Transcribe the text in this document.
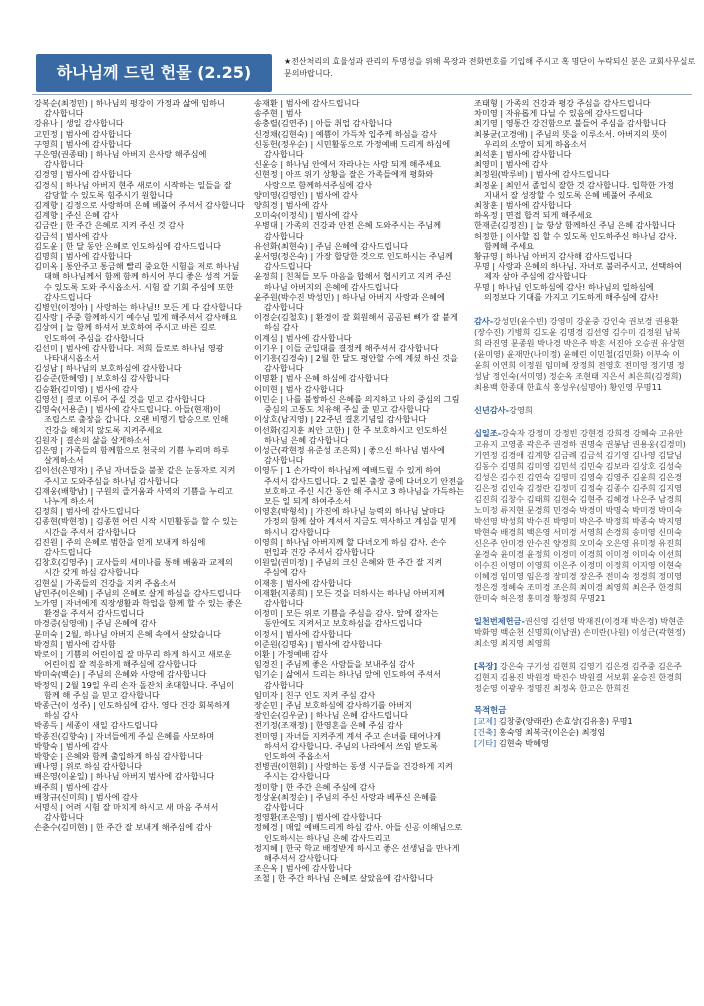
하나님께 드린 헌물 (2.25)
★전산처리의 효율성과 관리의 투명성을 위해 목장과 전화번호를 기입해 주시고 혹 명단이 누락되신 분은 교회사무실로 문의바랍니다.
강복순(최정민) | 하나님의 평강이 가정과 삶에 임하니 감사합니다
강유나 | 생일 감사합니다
고민정 | 범사에 감사합니다
구영희 | 범사에 감사합니다
구은영(권종태) | 하나님 아버지 은사랑 해주심에 감사합니다
김경영 | 범사에 감사합니다
김경식 | 하나님 아버지 현주 새로이 시작하는 일들을 잘 감당할 수 있도록 힘주시기 원합니다
김계향 | 김정으로 사랑하며 은혜 베풀어 주셔서 감사합니다
김계향 | 주신 은혜 감사
김금란 | 한 주간 은혜로 지켜 주신 것 감사
김금석 | 범사에 감사
김도윤 | 한 달 동안 은혜로 인도하심에 감사드립니다
김명희 | 범사에 감사합니다
김미옥 | 통안주고 통금해 빨리 중요한 시험을 저로 하나님 대해 하나님께서 함께 함께 하시어 부디 좋은 성적 거둘 수 있도록 도와 주시옵소서. 시험 잘 기회 주심에 또한 감사드립니다
김병인(이정아) | 사랑하는 하나님!! 모든 게 다 감사합니다
김사랑 | 주중 함께하시기 예수님 밀게 해주셔서 감사해요
김상여 | 늘 함께 하셔서 보호하여 주시고 바른 길로 인도하여 주심을 감사합니다
김선미 | 범사에 감사합니다. 저희 들로로 하나님 영광 나타내시옵소서
김성남 | 하나님의 보호하심에 감사합니다
김승준(한혜영) | 보호하심 감사합니다
김승환(김미영) | 범사에 감사
김영선 | 결코 이루어 주실 것을 믿고 감사합니다
김영숙(서용준) | 범사에 감사드립니다. 아들(현재)이 조립스로 출장을 갑니다. 오랜 비행기 탑승으로 인해 건강을 해치지 않도록 지켜주세요
김원자 | 결손의 삶을 살게하소서
김은영 | 가족들의 함께함으로 천국의 기쁨 누리며 하루 살게하소서
김이선(은명자) | 주님 자녀들을 불꽃 같은 눈동자로 지켜 주시고 도와주심을 하나님 감사합니다
김재웅(배향남) | 구원의 즐거움과 사역의 기쁨을 누리고 나누게 하소서
김정희 | 범사에 감사드립니다
김종현(박현정) | 김종현 어린 시작 시민활동을 할 수 있는 시간을 주셔서 감사합니다
김진원 | 주의 은혜로 범한을 얻게 보내게 하심에 감사드립니다
김창호(김영주) | 교사들의 세미나를 통해 배움과 교제의 시간 갖게 하심 감사합니다
김현실 | 가족들의 건강을 지켜 주옵소서
남민주(이은혜) | 주님의 은혜로 살게 하심을 감사드립니다
노가영 | 자녀에게 직장생활과 학업을 함께 할 수 있는 좋은 환경을 주셔서 감사드립니다
마경증(심영애) | 주님 은혜에 감사
문미숙 | 2월, 하나님 아버지 은혜 속에서 살았습니다
박경희 | 범사에 감사함
박로이 | 기쁨의 어린이집 잘 마무리 하게 하시고 새로운 어린이집 잘 적응하게 해주심에 감사합니다
박미숙(백순) | 주님의 은혜와 사랑에 감사합니다
박정익 | 2월 19일 우리 손자 돌잔치 초대합니다. 주님이 함께 해 주심 을 믿고 감사합니다
박종근(이 성주) | 인도하심에 감사. 영다 건강 회복하게 하심 감사
박종득 | 세종이 새일 감사드립니다
박종진(김향숙) | 자녀들에게 주실 은혜를 사모하며
박향숙 | 범사에 감사
박향순 | 은혜와 함께 출입하게 하심 감사합니다
배나영 | 위로 하심 감사합니다
배은영(이윤일) | 하나님 아버지 범사에 감사합니다
배주희 | 범사에 감사
배창규(신미희) | 범사에 감사
서명식 | 어려 시험 잘 마치게 하시고 새 마음 주셔서 감사합니다
손춘수(김미현) | 한 주간 잘 보내게 해주심에 감사
송재환 | 범사에 감사드립니다
송주현 | 범사
송충렬(김연주) | 아들 취업 감사합니다
신경채(김현숙) | 예쁨이 가득차 입주케 하심을 감사
신동헌(정우순) | 시민활동으로 가정예배 드리게 하심에 감사합니다
신윤승 | 하나님 안에서 자라나는 사람 되게 해주세요
신현정 | 아프 위기 상황을 잘은 가족들에게 평화와 사랑으로 함께하셔주심에 감사
양미영(김영인) | 범사에 감사
양희경 | 범사에 감사
오미숙(이정식) | 범사에 감사
우병대 | 가족의 건강과 안전 은혜 도와주시는 주님께 감사합니다
유선화(최현숙) | 주님 은혜에 감사드립니다
윤서영(정은숙) | 가장 합당한 것으로 인도하시는 주님께 감사드립니다
윤정희 | 친척들 모두 마음을 합해서 협시키고 지켜 주신 하나님 아버지의 은혜에 감사드립니다
윤주원(박수진 박성민) | 하나님 아버지 사랑과 은혜에 감사합니다
이경순(김철호) | 환경이 잘 회원해서 곰곰된 뼈가 잘 붙게 하심 감사
이계심 | 범사에 감사합니다
이기우 | 이들 군입대를 결정케 해주셔서 감사합니다
이기흥(김경숙) | 2월 한 달도 평안할 수에 계셨 하신 것을 감사합니다
이명환 | 범사 은혜 하심에 감사합니다
이미현 | 범사 감사합니다
이민순 | 나를 불쌍하신 은혜를 의지하고 나의 중심의 그림 중심의 고통도 치유해 주실 줄 믿고 감사합니다
이상호(남지영) | 22주년 결혼기념일 감사합니다
이선화(김지훈 최안 고한) | 한 주 보호하시고 인도하신 하나님 은혜 감사합니다
이성근(곽현정 유준성 조은희) | 좋으신 하나님 범사에 감사합니다
이영두 | 1 손가락이 하나님께 예배드릴 수 있게 하여 주셔서 감사드립니다. 2 일본 출장 중에 다녀오기 안전을 보호하고 주신 시간 동안 해 주시고 3 하나님을 가득하는 모든 일 되게 하여주소서
이영혼(박형석) | 가진에 하나님 능력의 하나님 날마다 가정의 함께 살아 계셔서 지금도 역사하고 계심을 믿게 하시니 감사합니다
이영희 | 하나님 아버지께 할 다녀오게 하심 감사. 손수 편입과 건강 주셔서 감사합니다
이원일(권미정) | 주님의 크신 은혜와 한 주간 잘 지켜 주심에 감사
이재흥 | 범사에 감사합니다
이재환(지종희) | 모든 것을 더하시는 하나님 아버지께 감사합니다
이정미 | 모든 위로 기쁨을 주심을 감사. 앞에 잘자는 동안에도 지켜서고 보호하심을 감사드립니다
이정서 | 범사에 감사합니다
이준원(김명옥) | 범사에 감사합니다
이환 | 가정예배 감사
임경진 | 주님께 좋은 사람들을 보내주심 감사
임기순 | 삶에서 드리는 하나님 앞에 인도하여 주셔서 감사합니다
임미자 | 친구 인도 지켜 주심 감사
장순민 | 주님 보호하심에 감사하기를 아버지
장인순(김우균) | 하나님 은혜 감사드립니다
전기정(조재정) | 한영혼을 은혜 주심 감사
전미영 | 자녀들 지켜주게 계셔 주고 손녀를 태어나게 하셔서 감사합니다. 주님의 나라에서 쓰임 받도록 인도하여 주옵소서
전병권(이현휘) | 사랑하는 동생 시구들을 건강하게 지켜 주시는 감사합니다
정미향 | 한 주간 은혜 주심에 감사
정상윤(최정순) | 주님의 주신 사랑과 베푸신 은혜를 감사합니다
정영환(조은영) | 범사에 감사합니다
정혜경 | 매일 예배드리게 하심 감사. 아들 신공 이해님으로 인도하시는 하나님 은혜 감사드리고
정지혜 | 한국 학교 배정받게 하시고 좋은 선생님을 만나게 해주셔서 감사합니다
조은옥 | 범사에 감사합니다
조철 | 한 주간 하나님 은혜로 살았음에 감사합니다
조태형 | 가족의 건강과 평강 주심을 감사드립니다
차미영 | 자유롭게 다닐 수 있음에 감사드립니다
최기영 | 영통간 강건함으로 불들어 주심을 감사합니다
최봉균(고경애) | 주님의 뜻을 이루소서. 아버지의 뜻이 우리의 소망이 되게 하옵소서
최석훈 | 범사에 감사합니다
최영미 | 범사에 감사
최정원(박루비) | 범사에 감사드립니다
최정윤 | 최인서 졸업식 잘한 것 감사합니다. 입학한 가정 지내서 잘 성장할 수 있도록 은혜 베풀어 주세요
최창훈 | 범사에 감사합니다
하옥정 | 면접 합격 되게 해주세요
한재준(김정진) | 늘 항상 함께하신 주님 은혜 감사합니다
허정한 | 이사할 집 할 수 있도록 인도하주신 하나님 감사. 함께해 주세요
황규영 | 하나님 아버지 감사해 감사드립니다
무명 | 사랑과 은혜의 하나님. 자녀로 불러주시고, 선택하여 제자 삼아 주심에 감사합니다
무명 | 하나님 인도하심에 감사! 하나님의 일하심에 의정보다 기대를 가지고 기도하게 해주심에 감사!
감사-강성민(윤수빈) 강영미 강윤중 강인숙 권보경 권용환(장수진) 기병희 김도윤 김명경 김선영 김수미 김정원 남복희 라진영 문종원 박나경 박은주 박혼 서진아 오승권 유상현(윤미영) 윤재만(나미정) 윤혜린 이민철(김민화) 이부숙 이윤희 이연희 이정원 임미혜 장정희 전영호 전미영 정기명 정성남 정인숙(서미영) 정순옥 조현태 지은서 최은희(김경희) 최용백 한종대 한효식 홍성우(심명아) 황인영 무명11
신년감사-강영희
십일조-강숙자 강정미 강정빈 강현경 강희경 강혜숙 고유안 고유지 고영종 곽은주 권경하 권명숙 권봉남 권용웅(김경미) 기연정 김경애 김계향 김금례 김금석 김기영 김나영 김달님 김동수 김명희 김미영 김민석 김민숙 김보라 김상호 김성숙 김성은 김수진 김연숙 김영미 김영숙 김영주 김윤희 김은경 김은정 김인숙 김정란 김정미 김정숙 김종수 김주희 김지영 김진희 김창수 김태희 김현숙 김현주 김혜경 나은주 남경희 노미정 류지현 문경희 민경숙 박경미 박명숙 박미경 박미숙 박선영 박성희 박수진 박영미 박은주 박정희 박종숙 박지영 박현숙 배경희 백은영 서미경 서영희 손경희 송미영 신미숙 신은주 안미경 안수진 양경희 오미숙 오은영 유미정 유진희 윤경숙 윤미경 윤정희 이경미 이경희 이미경 이미숙 이선희 이수진 이영미 이영희 이은주 이정미 이정희 이지영 이현숙 이혜경 임미영 임은정 장미경 장은주 전미숙 정경희 정미영 정은경 정혜숙 조미경 조은희 최미경 최영희 최은주 한경희 한미숙 허은정 홍미경 황정희 무명21
일천번제헌금-권신영 김선영 박재진(이경재 박은경) 박현준 박화영 백순천 신명희(이남권) 손미란(나원) 이성근(곽현정) 최소영 최지영 최영희
[목장] 강은숙 구기성 김현희 김영기 김은경 김주중 김은주 김현지 김용진 박원경 박진수 박원결 서보휘 윤승진 한경희 정순영 이광우 정명진 최정옥 한고은 한희진
목적헌금
[교제] 김창중(양래관) 손효상(김유홍) 무명1
[건축] 홍숙영 최복국(이은순) 최정임
[기타] 김현숙 박혜영
